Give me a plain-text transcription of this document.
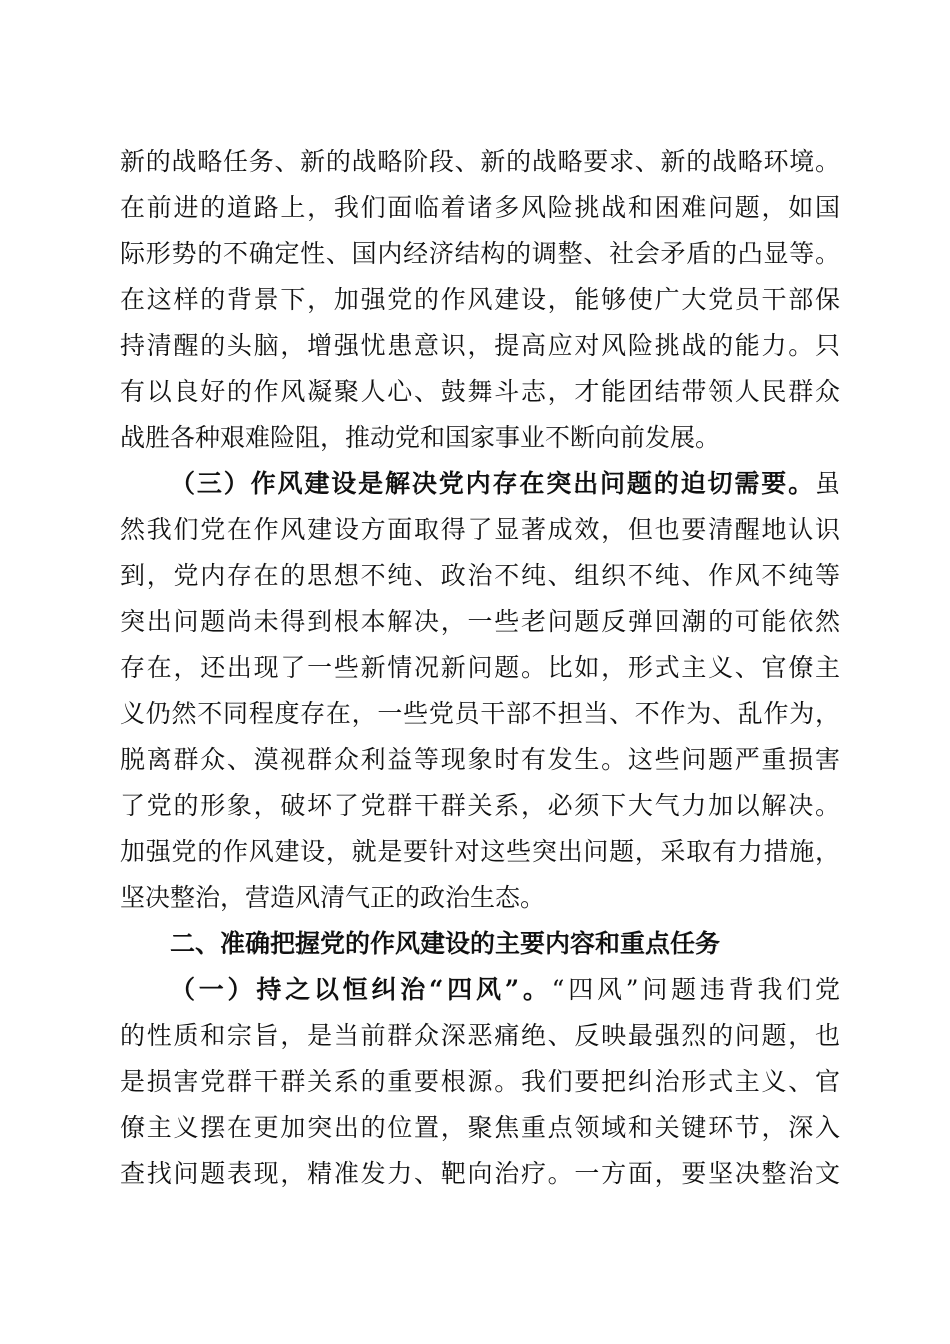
新的战略任务、新的战略阶段、新的战略要求、新的战略环境。
在前进的道路上，我们面临着诸多风险挑战和困难问题，如国
际形势的不确定性、国内经济结构的调整、社会矛盾的凸显等。
在这样的背景下，加强党的作风建设，能够使广大党员干部保
持清醒的头脑，增强忧患意识，提高应对风险挑战的能力。只
有以良好的作风凝聚人心、鼓舞斗志，才能团结带领人民群众
战胜各种艰难险阻，推动党和国家事业不断向前发展。
（三）作风建设是解决党内存在突出问题的迫切需要。虽
然我们党在作风建设方面取得了显著成效，但也要清醒地认识
到，党内存在的思想不纯、政治不纯、组织不纯、作风不纯等
突出问题尚未得到根本解决，一些老问题反弹回潮的可能依然
存在，还出现了一些新情况新问题。比如，形式主义、官僚主
义仍然不同程度存在，一些党员干部不担当、不作为、乱作为，
脱离群众、漠视群众利益等现象时有发生。这些问题严重损害
了党的形象，破坏了党群干群关系，必须下大气力加以解决。
加强党的作风建设，就是要针对这些突出问题，采取有力措施，
坚决整治，营造风清气正的政治生态。
二、准确把握党的作风建设的主要内容和重点任务
（一）持之以恒纠治“四风”。“四风”问题违背我们党
的性质和宗旨，是当前群众深恶痛绝、反映最强烈的问题，也
是损害党群干群关系的重要根源。我们要把纠治形式主义、官
僚主义摆在更加突出的位置，聚焦重点领域和关键环节，深入
查找问题表现，精准发力、靶向治疗。一方面，要坚决整治文
